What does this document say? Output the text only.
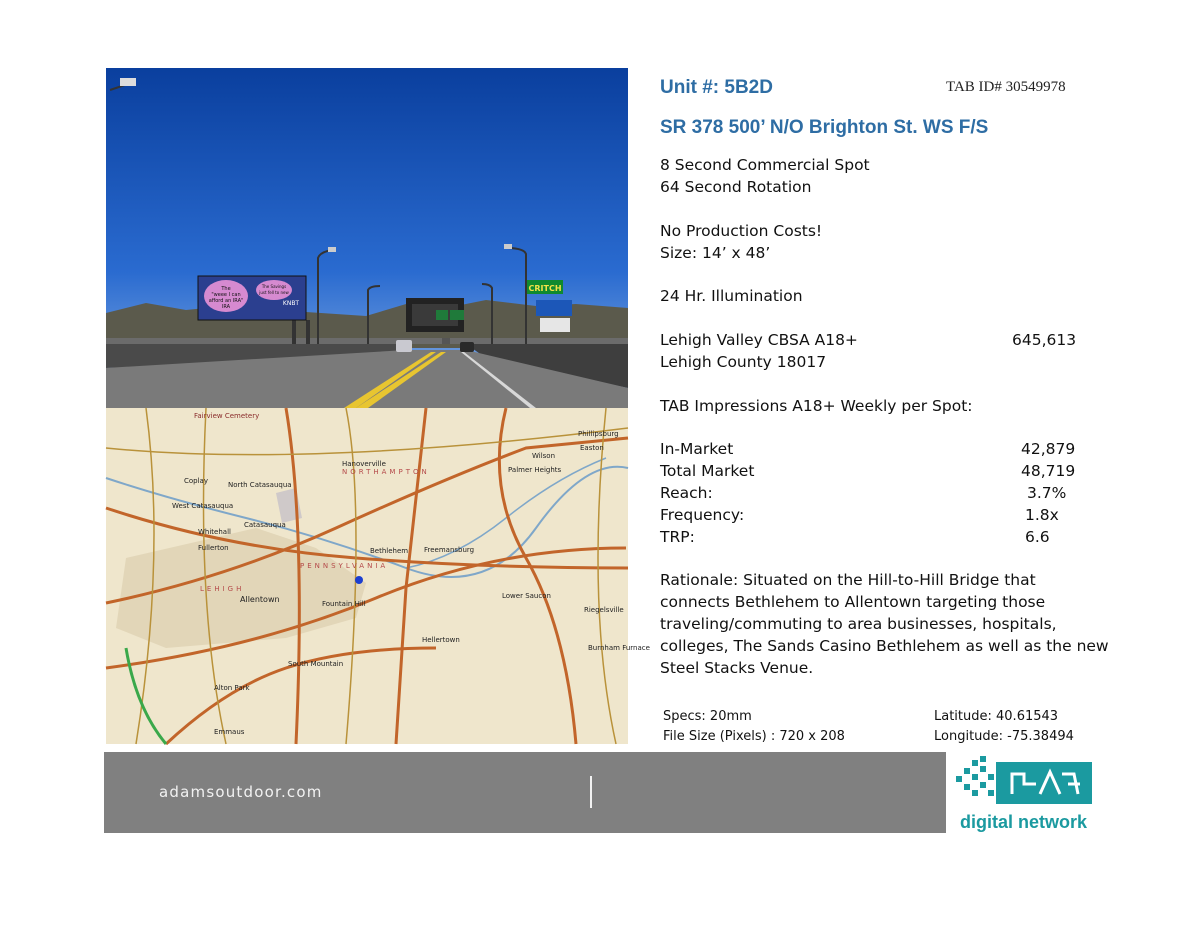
The
"weee I can
afford an IRA"
IRA
The Savings
just fell to new
KNBT
CRITCH
Fairview Cemetery
Whitehall
North Catasauqua
Coplay
West Catasauqua
Catasauqua
Fullerton
Hanoverville
Palmer Heights
Phillipsburg
Easton
Wilson
NORTHAMPTON
Bethlehem Freemansburg
PENNSYLVANIA
LEHIGH
Allentown	Fountain Hill
Lower Saucon
Riegelsville
Hellertown
Burnham Furnace
South Mountain
Alton Park
Emmaus
Unit #: 5B2D	TAB ID# 30549978
SR 378 500’ N/O Brighton St. WS F/S
8 Second Commercial Spot
64 Second Rotation
No Production Costs!
Size: 14’ x 48’
24 Hr. Illumination
Lehigh Valley CBSA A18+	645,613
Lehigh County 18017
TAB Impressions A18+ Weekly per Spot:
In-Market	42,879
Total Market	48,719
Reach:	3.7%
Frequency:	1.8x
TRP:	6.6
Rationale: Situated on the Hill-to-Hill Bridge that connects Bethlehem to Allentown targeting those traveling/commuting to area businesses, hospitals, colleges, The Sands Casino Bethlehem as well as the new Steel Stacks Venue.
Specs: 20mm
File Size (Pixels) : 720 x 208
Latitude: 40.61543
Longitude: -75.38494
adamsoutdoor.com
digital network
